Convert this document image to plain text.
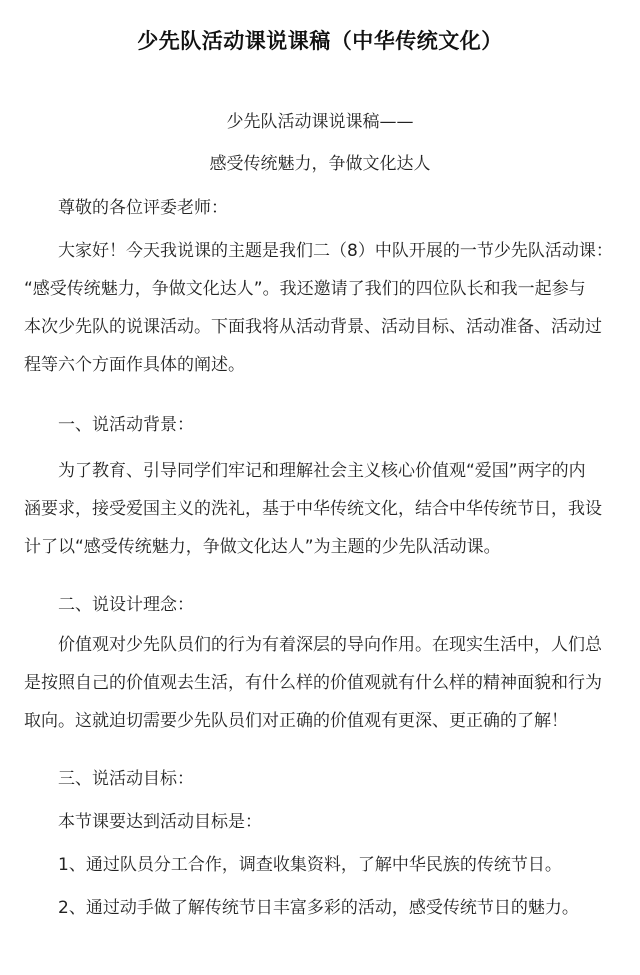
少先队活动课说课稿（中华传统文化）
少先队活动课说课稿——
感受传统魅力，争做文化达人
尊敬的各位评委老师：
大家好！今天我说课的主题是我们二（8）中队开展的一节少先队活动课：
“感受传统魅力，争做文化达人”。我还邀请了我们的四位队长和我一起参与
本次少先队的说课活动。下面我将从活动背景、活动目标、活动准备、活动过
程等六个方面作具体的阐述。
一、说活动背景：
为了教育、引导同学们牢记和理解社会主义核心价值观“爱国”两字的内
涵要求，接受爱国主义的洗礼，基于中华传统文化，结合中华传统节日，我设
计了以“感受传统魅力，争做文化达人”为主题的少先队活动课。
二、说设计理念：
价值观对少先队员们的行为有着深层的导向作用。在现实生活中，人们总
是按照自己的价值观去生活，有什么样的价值观就有什么样的精神面貌和行为
取向。这就迫切需要少先队员们对正确的价值观有更深、更正确的了解！
三、说活动目标：
本节课要达到活动目标是：
1、通过队员分工合作，调查收集资料，了解中华民族的传统节日。
2、通过动手做了解传统节日丰富多彩的活动，感受传统节日的魅力。
